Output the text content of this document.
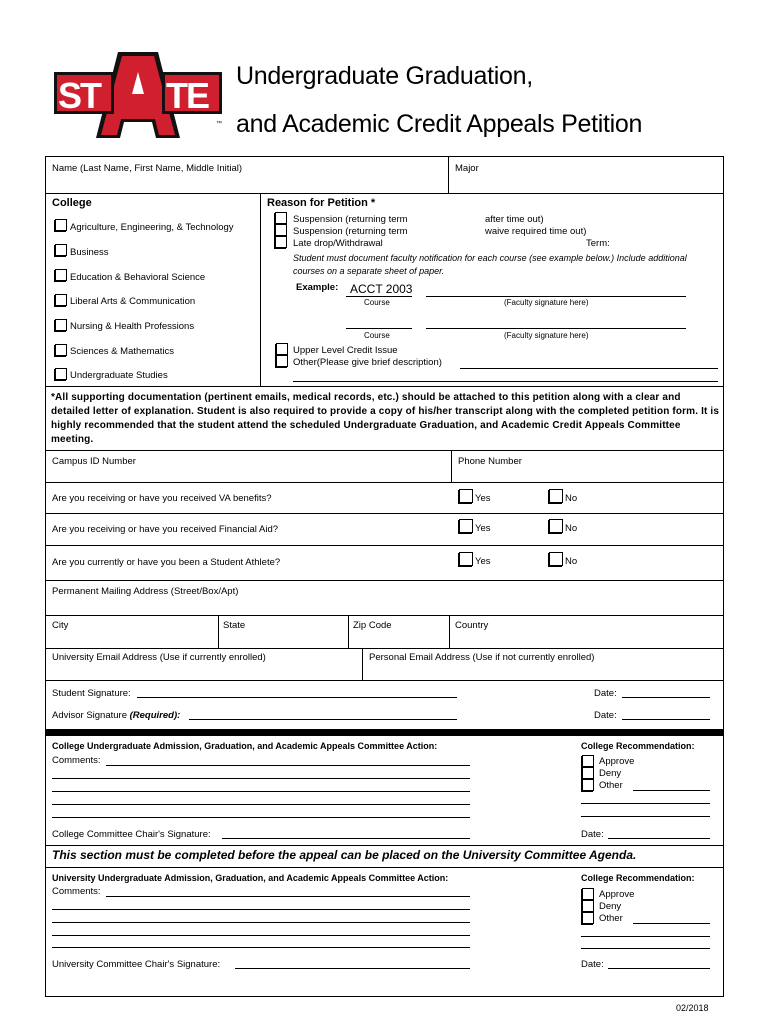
ST TE
™
Undergraduate Graduation,
and Academic Credit Appeals Petition
Name (Last Name, First Name, Middle Initial)	Major
College
Agriculture, Engineering, & Technology
Business
Education & Behavioral Science
Liberal Arts & Communication
Nursing & Health Professions
Sciences & Mathematics
Undergraduate Studies
Reason for Petition *
Suspension (returning term	after time out)
Suspension (returning term	waive required time out)
Late drop/Withdrawal	Term:
Student must document faculty notification for each course (see example below.) Include additional courses on a separate sheet of paper.
Example: ACCT 2003
Course	(Faculty signature here)
Course	(Faculty signature here)
Upper Level Credit Issue
Other(Please give brief description)
*All supporting documentation (pertinent emails, medical records, etc.) should be attached to this petition along with a clear and detailed letter of explanation. Student is also required to provide a copy of his/her transcript along with the completed petition form. It is highly recommended that the student attend the scheduled Undergraduate Graduation, and Academic Credit Appeals Committee meeting.
Campus ID Number	Phone Number
Are you receiving or have you received VA benefits?	Yes	No
Are you receiving or have you received Financial Aid?	Yes	No
Are you currently or have you been a Student Athlete?	Yes	No
Permanent Mailing Address (Street/Box/Apt)
City	State	Zip Code	Country
University Email Address (Use if currently enrolled)	Personal Email Address (Use if not currently enrolled)
Student Signature:	Date:
Advisor Signature (Required):	Date:
College Undergraduate Admission, Graduation, and Academic Appeals Committee Action:
Comments:
College Recommendation:
Approve
Deny
Other
College Committee Chair's Signature:	Date:
This section must be completed before the appeal can be placed on the University Committee Agenda.
University Undergraduate Admission, Graduation, and Academic Appeals Committee Action:
Comments:
College Recommendation:
Approve
Deny
Other
University Committee Chair's Signature:	Date:
02/2018
